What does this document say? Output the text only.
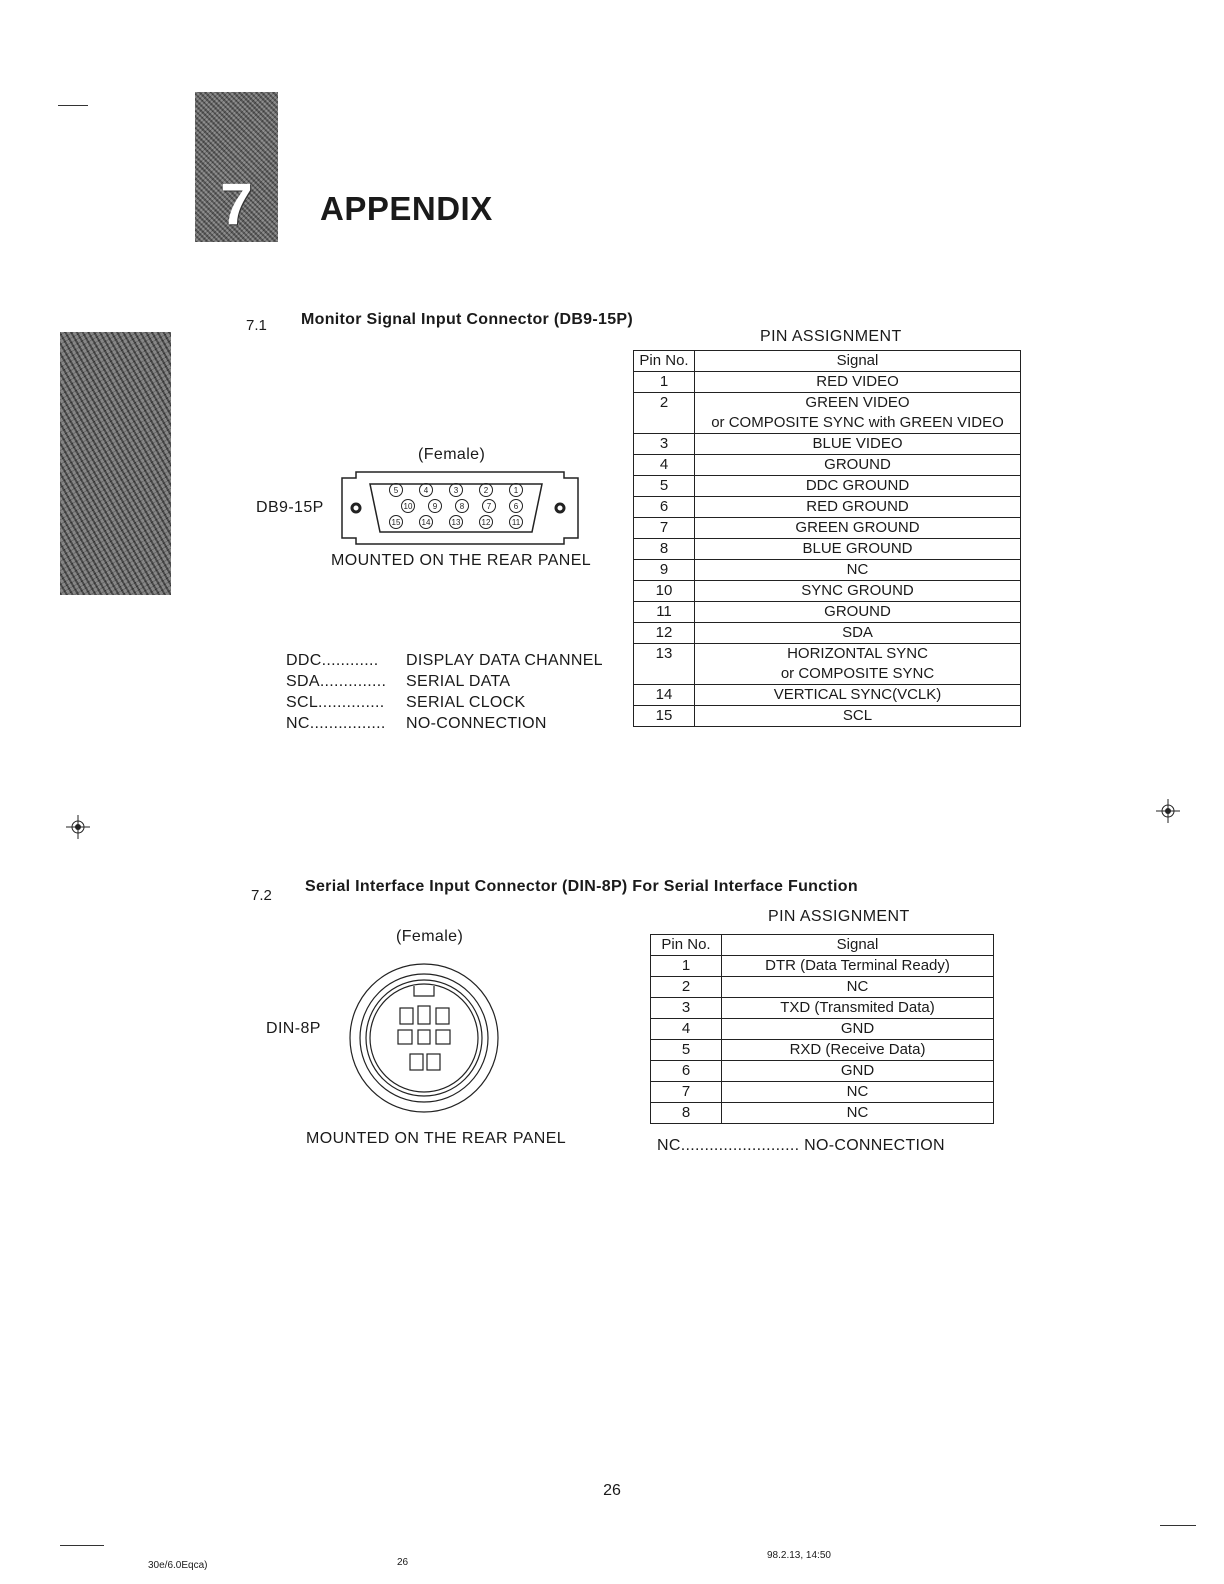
7	APPENDIX
7.1 Monitor Signal Input Connector (DB9-15P)
(Female)
DB9-15P
5	4	3	2	1
10	9	8	7	6
15	14	13	12	11
MOUNTED ON THE REAR PANEL
PIN ASSIGNMENT
Pin No.	Signal
1	RED VIDEO
2	GREEN VIDEO
or COMPOSITE SYNC with GREEN VIDEO

3	BLUE VIDEO
4	GROUND
5	DDC GROUND
6	RED GROUND
7	GREEN GROUND
8	BLUE GROUND
9	NC
10	SYNC GROUND
11	GROUND
12	SDA
13	HORIZONTAL SYNC
or COMPOSITE SYNC

14	VERTICAL SYNC(VCLK)
15	SCL
DDC............ DISPLAY DATA CHANNEL
SDA.............. SERIAL DATA
SCL.............. SERIAL CLOCK
NC................ NO-CONNECTION
7.2
Serial Interface Input Connector (DIN-8P) For Serial Interface Function
(Female)
DIN-8P
MOUNTED ON THE REAR PANEL
PIN ASSIGNMENT
Pin No.	Signal
1	DTR (Data Terminal Ready)
2	NC
3	TXD (Transmited Data)
4	GND
5	RXD (Receive Data)
6	GND
7	NC
8	NC
NC......................... NO-CONNECTION
26
30e/6.0Eqca)	26
98.2.13, 14:50
